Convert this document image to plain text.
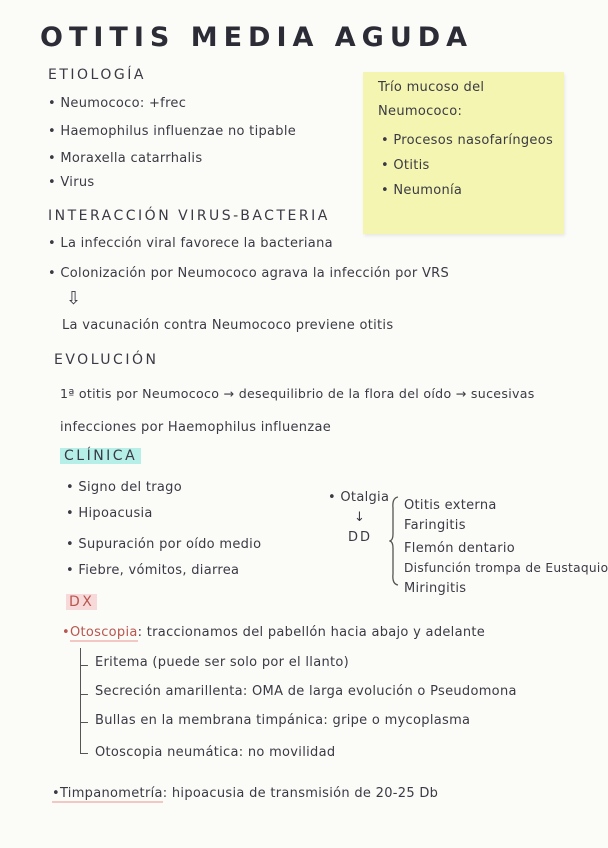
OTITIS MEDIA AGUDA
ETIOLOGÍA
• Neumococo: +frec
• Haemophilus influenzae no tipable
• Moraxella catarrhalis
• Virus
Trío mucoso del
Neumococo:
• Procesos nasofaríngeos
• Otitis
• Neumonía
INTERACCIÓN VIRUS-BACTERIA
• La infección viral favorece la bacteriana
• Colonización por Neumococo agrava la infección por VRS
⇩
La vacunación contra Neumococo previene otitis
EVOLUCIÓN
1ª otitis por Neumococo → desequilibrio de la flora del oído → sucesivas
infecciones por Haemophilus influenzae
CLÍNICA
• Signo del trago
• Hipoacusia
• Supuración por oído medio
• Fiebre, vómitos, diarrea
• Otalgia
↓
DD
Otitis externa
Faringitis
Flemón dentario
Disfunción trompa de Eustaquio
Miringitis
DX
•Otoscopia: traccionamos del pabellón hacia abajo y adelante
Eritema (puede ser solo por el llanto)
Secreción amarillenta: OMA de larga evolución o Pseudomona
Bullas en la membrana timpánica: gripe o mycoplasma
Otoscopia neumática: no movilidad
•Timpanometría: hipoacusia de transmisión de 20-25 Db
